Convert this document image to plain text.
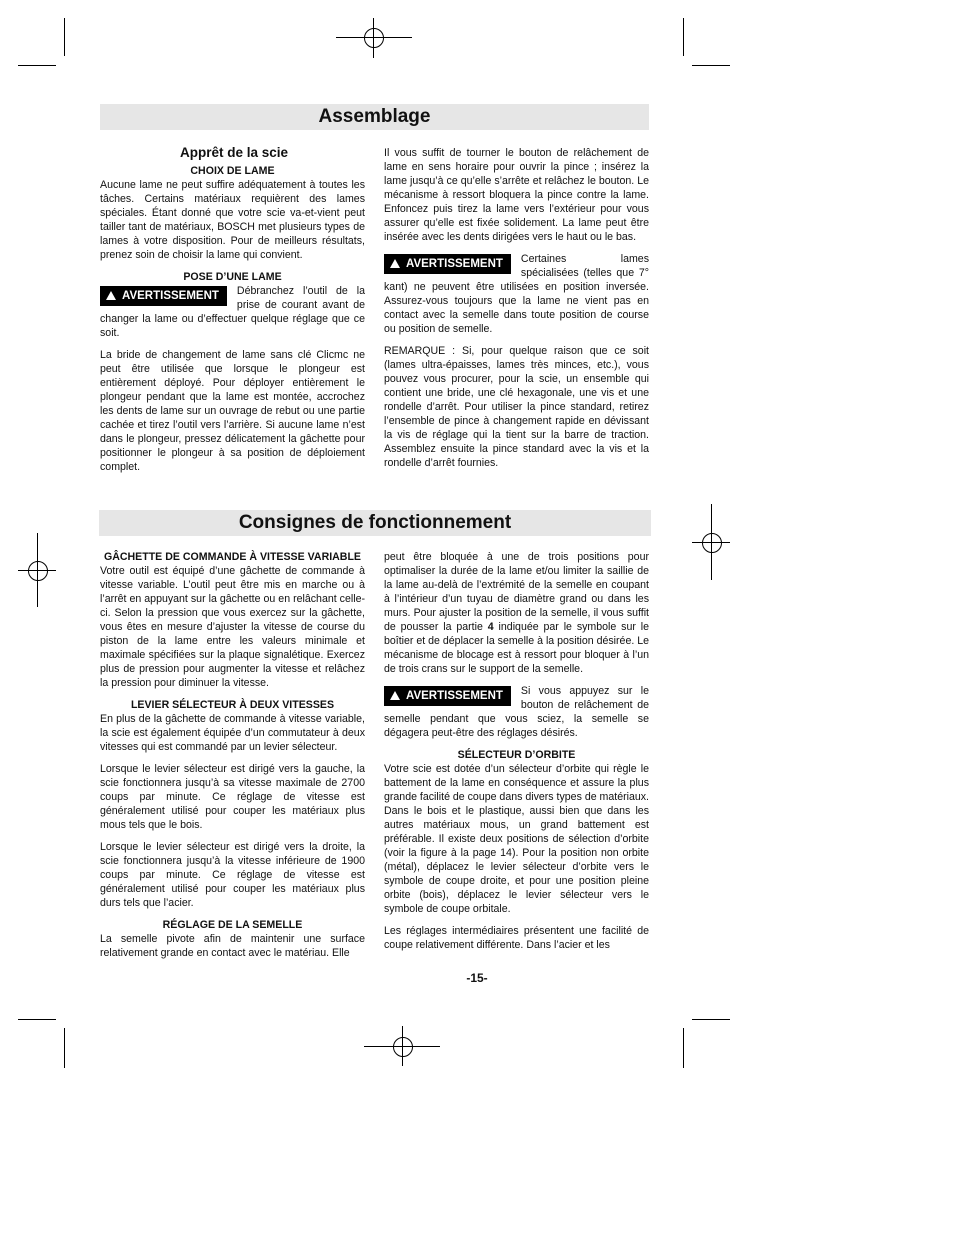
Assemblage
Apprêt de la scie
CHOIX DE LAME

Aucune lame ne peut suffire adéquatement à toutes les tâches. Certains matériaux requièrent des lames spéciales. Étant donné que votre scie va-et-vient peut tailler tant de matériaux, BOSCH met plusieurs types de lames à votre disposition. Pour de meilleurs résultats, prenez soin de choisir la lame qui convient.

POSE D’UNE LAME

AVERTISSEMENT	Débranchez l’outil de la prise de courant avant de changer la lame ou d’effectuer quelque réglage que ce soit.

La bride de changement de lame sans clé Clicmc ne peut être utilisée que lorsque le plongeur est entièrement déployé. Pour déployer entièrement le plongeur pendant que la lame est montée, accrochez les dents de lame sur un ouvrage de rebut ou une partie cachée et tirez l’outil vers l’arrière. Si aucune lame n’est dans le plongeur, pressez délicatement la gâchette pour positionner le plongeur à sa position de déploiement complet.

Il vous suffit de tourner le bouton de relâchement de lame en sens horaire pour ouvrir la pince ; insérez la lame jusqu’à ce qu’elle s’arrête et relâchez le bouton. Le mécanisme à ressort bloquera la pince contre la lame. Enfoncez puis tirez la lame vers l’extérieur pour vous assurer qu’elle est fixée solidement. La lame peut être insérée avec les dents dirigées vers le haut ou le bas.

AVERTISSEMENT	Certaines lames spécialisées (telles que 7° kant) ne peuvent être utilisées en position inversée. Assurez-vous toujours que la lame ne vient pas en contact avec la semelle dans toute position de course ou position de semelle.

REMARQUE : Si, pour quelque raison que ce soit (lames ultra-épaisses, lames très minces, etc.), vous pouvez vous procurer, pour la scie, un ensemble qui contient une bride, une clé hexagonale, une vis et une rondelle d’arrêt. Pour utiliser la pince standard, retirez l’ensemble de pince à changement rapide en dévissant la vis de réglage qui la tient sur la barre de traction. Assemblez ensuite la pince standard avec la vis et la rondelle d’arrêt fournies.

Consignes de fonctionnement
GÂCHETTE DE COMMANDE À VITESSE VARIABLE

Votre outil est équipé d’une gâchette de commande à vitesse variable. L’outil peut être mis en marche ou à l’arrêt en appuyant sur la gâchette ou en relâchant celle-ci. Selon la pression que vous exercez sur la gâchette, vous êtes en mesure d’ajuster la vitesse de course du piston de la lame entre les valeurs minimale et maximale spécifiées sur la plaque signalétique. Exercez plus de pression pour augmenter la vitesse et relâchez la pression pour diminuer la vitesse.

LEVIER SÉLECTEUR À DEUX VITESSES

En plus de la gâchette de commande à vitesse variable, la scie est également équipée d’un commutateur à deux vitesses qui est commandé par un levier sélecteur.

Lorsque le levier sélecteur est dirigé vers la gauche, la scie fonctionnera jusqu’à sa vitesse maximale de 2700 coups par minute. Ce réglage de vitesse est généralement utilisé pour couper les matériaux plus mous tels que le bois.

Lorsque le levier sélecteur est dirigé vers la droite, la scie fonctionnera jusqu’à la vitesse inférieure de 1900 coups par minute. Ce réglage de vitesse est généralement utilisé pour couper les matériaux plus durs tels que l’acier.

RÉGLAGE DE LA SEMELLE

La semelle pivote afin de maintenir une surface relativement grande en contact avec le matériau. Elle

peut être bloquée à une de trois positions pour optimaliser la durée de la lame et/ou limiter la saillie de la lame au-delà de l’extrémité de la semelle en coupant à l’intérieur d’un tuyau de diamètre grand ou dans les murs. Pour ajuster la position de la semelle, il vous suffit de pousser la partie 4 indiquée par le symbole sur le boîtier et de déplacer la semelle à la position désirée. Le mécanisme de blocage est à ressort pour bloquer à l’un de trois crans sur le support de la semelle.

AVERTISSEMENT	Si vous appuyez sur le bouton de relâchement de semelle pendant que vous sciez, la semelle se dégagera peut-être des réglages désirés.

SÉLECTEUR D’ORBITE

Votre scie est dotée d’un sélecteur d’orbite qui règle le battement de la lame en conséquence et assure la plus grande facilité de coupe dans divers types de matériaux. Dans le bois et le plastique, aussi bien que dans les autres matériaux mous, un grand battement est préférable. Il existe deux positions de sélection d’orbite (voir la figure à la page 14). Pour la position non orbite (métal), déplacez le levier sélecteur d’orbite vers le symbole de coupe droite, et pour une position pleine orbite (bois), déplacez le levier sélecteur vers le symbole de coupe orbitale.

Les réglages intermédiaires présentent une facilité de coupe relativement différente. Dans l’acier et les

-15-
